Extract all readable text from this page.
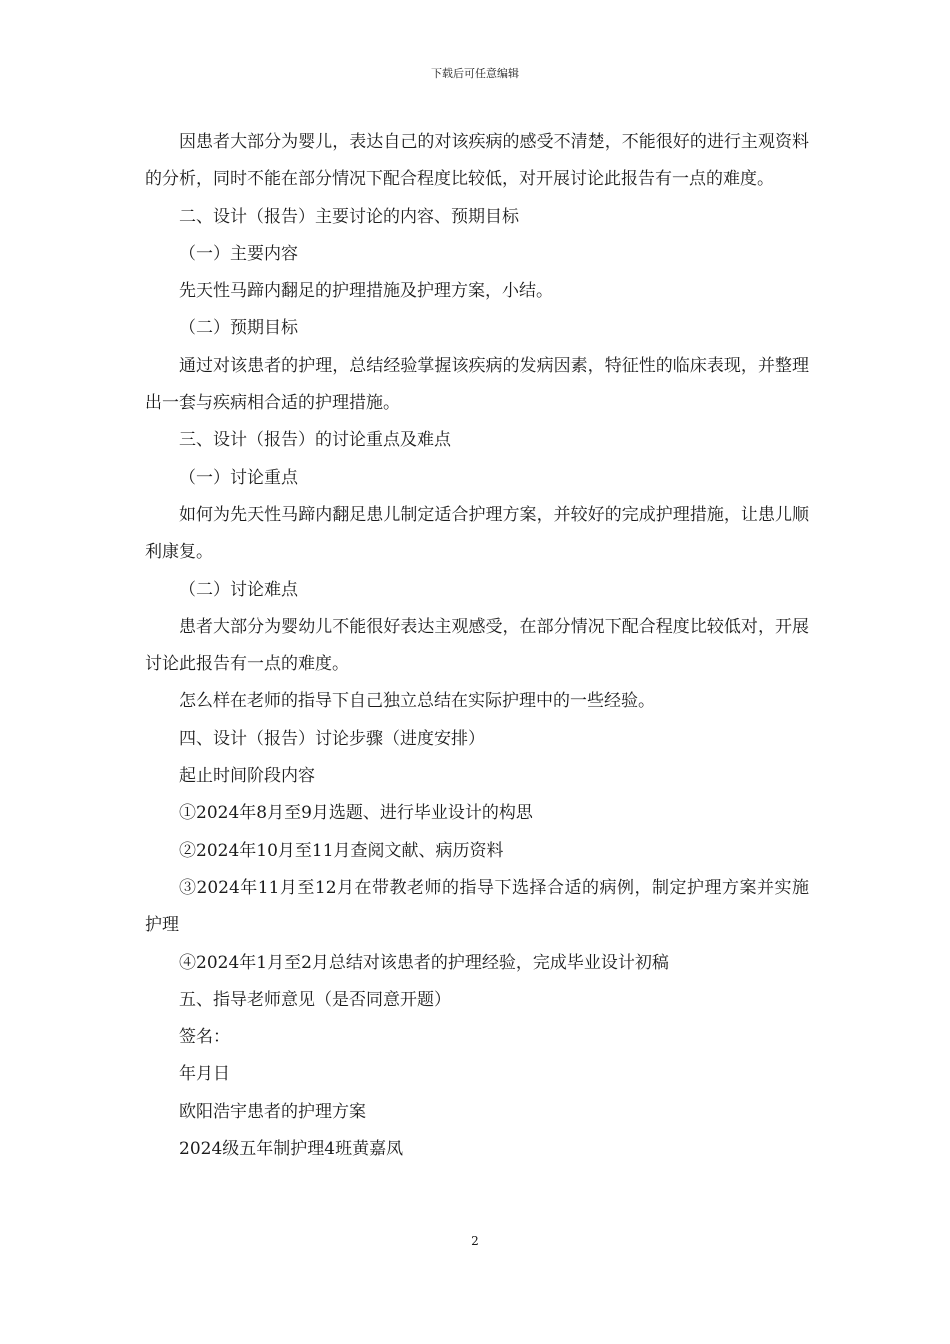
下载后可任意编辑

因患者大部分为婴儿，表达自己的对该疾病的感受不清楚，不能很好的进行主观资料的分析，同时不能在部分情况下配合程度比较低，对开展讨论此报告有一点的难度。

二、设计（报告）主要讨论的内容、预期目标

（一）主要内容

先天性马蹄内翻足的护理措施及护理方案，小结。

（二）预期目标

通过对该患者的护理，总结经验掌握该疾病的发病因素，特征性的临床表现，并整理出一套与疾病相合适的护理措施。

三、设计（报告）的讨论重点及难点

（一）讨论重点

如何为先天性马蹄内翻足患儿制定适合护理方案，并较好的完成护理措施，让患儿顺利康复。

（二）讨论难点

患者大部分为婴幼儿不能很好表达主观感受，在部分情况下配合程度比较低对，开展讨论此报告有一点的难度。

怎么样在老师的指导下自己独立总结在实际护理中的一些经验。

四、设计（报告）讨论步骤（进度安排）

起止时间阶段内容

①2024年8月至9月选题、进行毕业设计的构思

②2024年10月至11月查阅文献、病历资料

③2024年11月至12月在带教老师的指导下选择合适的病例，制定护理方案并实施护理

④2024年1月至2月总结对该患者的护理经验，完成毕业设计初稿

五、指导老师意见（是否同意开题）

签名：

年月日

欧阳浩宇患者的护理方案

2024级五年制护理4班黄嘉凤

2
